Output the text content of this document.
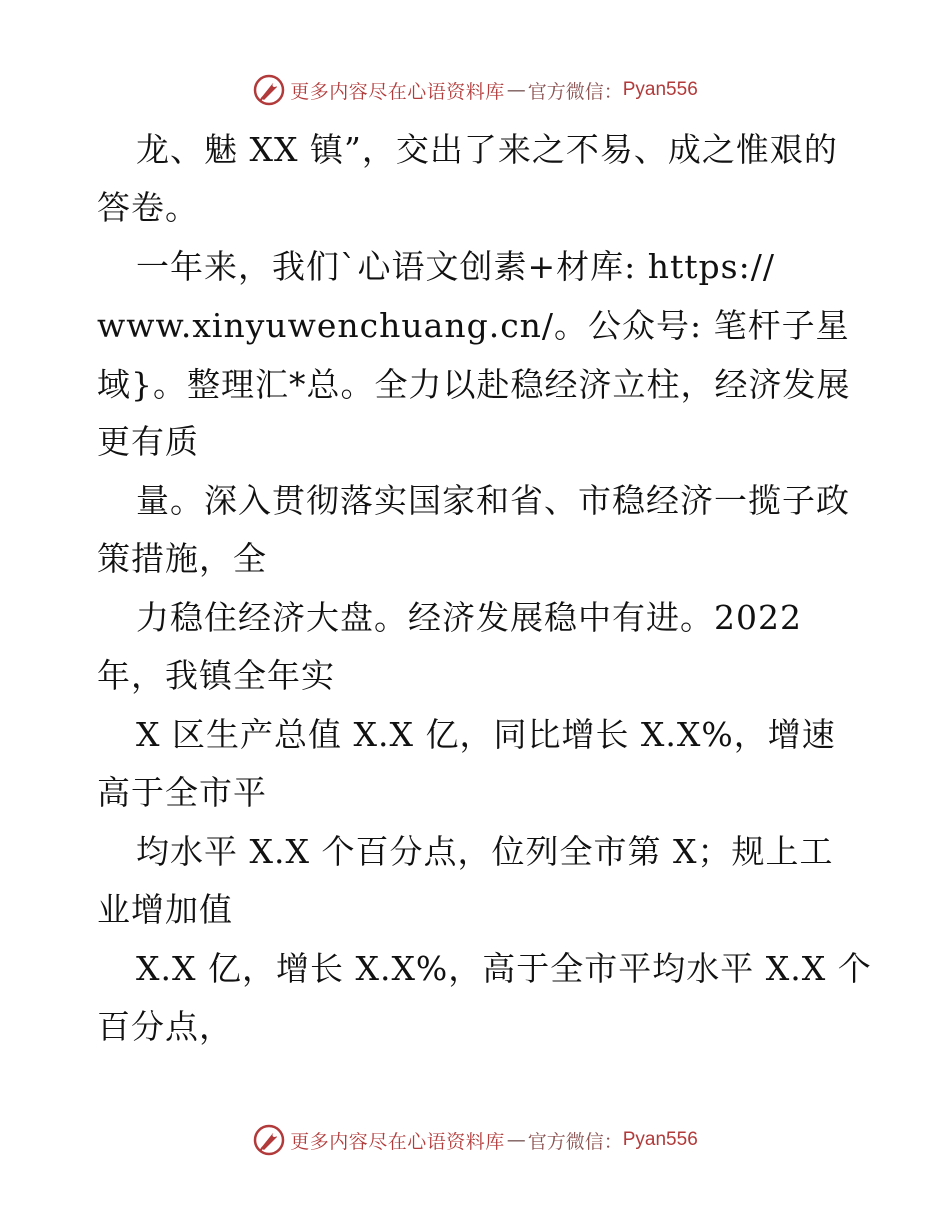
更多内容尽在心语资料库 — 官方微信： Pyan556
龙、魅 XX 镇”，交出了来之不易、成之惟艰的
答卷。
一年来，我们`心语文创素+材库: https://
www.xinyuwenchuang.cn/。公众号: 笔杆子星
域}。整理汇*总。全力以赴稳经济立柱，经济发展
更有质
量。深入贯彻落实国家和省、市稳经济一揽子政
策措施，全
力稳住经济大盘。经济发展稳中有进。2022
年，我镇全年实
X 区生产总值 X.X 亿，同比增长 X.X%，增速
高于全市平
均水平 X.X 个百分点，位列全市第 X；规上工
业增加值
X.X 亿，增长 X.X%，高于全市平均水平 X.X 个
百分点，
更多内容尽在心语资料库 — 官方微信： Pyan556
